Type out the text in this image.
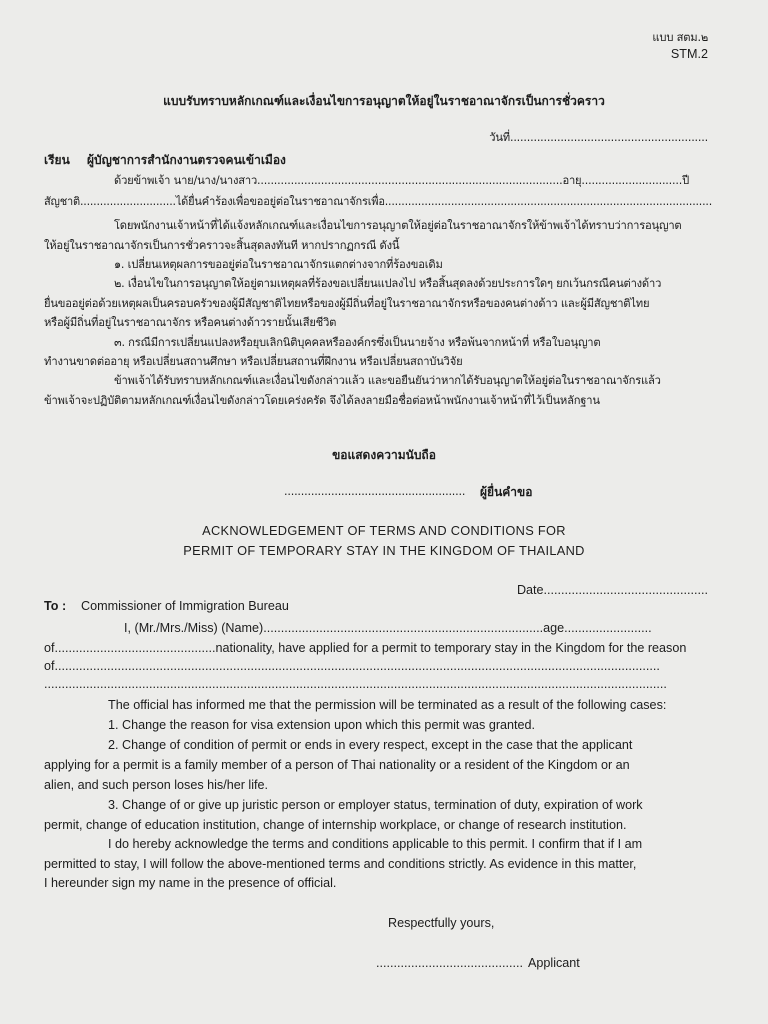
แบบ สตม.๒
STM.2
แบบรับทราบหลักเกณฑ์และเงื่อนไขการอนุญาตให้อยู่ในราชอาณาจักรเป็นการชั่วคราว
วันที่...........................................................
เรียน ผู้บัญชาการสำนักงานตรวจคนเข้าเมือง
ด้วยข้าพเจ้า นาย/นาง/นางสาว...........................................................................................อายุ..............................ปี
สัญชาติ.............................ได้ยื่นคำร้องเพื่อขออยู่ต่อในราชอาณาจักรเพื่อ...................................................................................................
โดยพนักงานเจ้าหน้าที่ได้แจ้งหลักเกณฑ์และเงื่อนไขการอนุญาตให้อยู่ต่อในราชอาณาจักรให้ข้าพเจ้าได้ทราบว่าการอนุญาต
ให้อยู่ในราชอาณาจักรเป็นการชั่วคราวจะสิ้นสุดลงทันที หากปรากฏกรณี ดังนี้
๑. เปลี่ยนเหตุผลการขออยู่ต่อในราชอาณาจักรแตกต่างจากที่ร้องขอเดิม
๒. เงื่อนไขในการอนุญาตให้อยู่ตามเหตุผลที่ร้องขอเปลี่ยนแปลงไป หรือสิ้นสุดลงด้วยประการใดๆ ยกเว้นกรณีคนต่างด้าว
ยื่นขออยู่ต่อด้วยเหตุผลเป็นครอบครัวของผู้มีสัญชาติไทยหรือของผู้มีถิ่นที่อยู่ในราชอาณาจักรหรือของคนต่างด้าว และผู้มีสัญชาติไทย
หรือผู้มีถิ่นที่อยู่ในราชอาณาจักร หรือคนต่างด้าวรายนั้นเสียชีวิต
๓. กรณีมีการเปลี่ยนแปลงหรือยุบเลิกนิติบุคคลหรือองค์กรซึ่งเป็นนายจ้าง หรือพ้นจากหน้าที่ หรือใบอนุญาต
ทำงานขาดต่ออายุ หรือเปลี่ยนสถานศึกษา หรือเปลี่ยนสถานที่ฝึกงาน หรือเปลี่ยนสถาบันวิจัย
ข้าพเจ้าได้รับทราบหลักเกณฑ์และเงื่อนไขดังกล่าวแล้ว และขอยืนยันว่าหากได้รับอนุญาตให้อยู่ต่อในราชอาณาจักรแล้ว
ข้าพเจ้าจะปฏิบัติตามหลักเกณฑ์เงื่อนไขดังกล่าวโดยเคร่งครัด จึงได้ลงลายมือชื่อต่อหน้าพนักงานเจ้าหน้าที่ไว้เป็นหลักฐาน
ขอแสดงความนับถือ
...................................................... ผู้ยื่นคำขอ
ACKNOWLEDGEMENT OF TERMS AND CONDITIONS FOR
PERMIT OF TEMPORARY STAY IN THE KINGDOM OF THAILAND
Date...............................................
To : Commissioner of Immigration Bureau
I, (Mr./Mrs./Miss) (Name)................................................................................age.........................
of..............................................nationality, have applied for a permit to temporary stay in the Kingdom for the reason
of.............................................................................................................................................................................
..................................................................................................................................................................................
The official has informed me that the permission will be terminated as a result of the following cases:
1. Change the reason for visa extension upon which this permit was granted.
2. Change of condition of permit or ends in every respect, except in the case that the applicant
applying for a permit is a family member of a person of Thai nationality or a resident of the Kingdom or an
alien, and such person loses his/her life.
3. Change of or give up juristic person or employer status, termination of duty, expiration of work
permit, change of education institution, change of internship workplace, or change of research institution.
I do hereby acknowledge the terms and conditions applicable to this permit. I confirm that if I am
permitted to stay, I will follow the above-mentioned terms and conditions strictly. As evidence in this matter,
I hereunder sign my name in the presence of official.
Respectfully yours,
.......................................... Applicant
